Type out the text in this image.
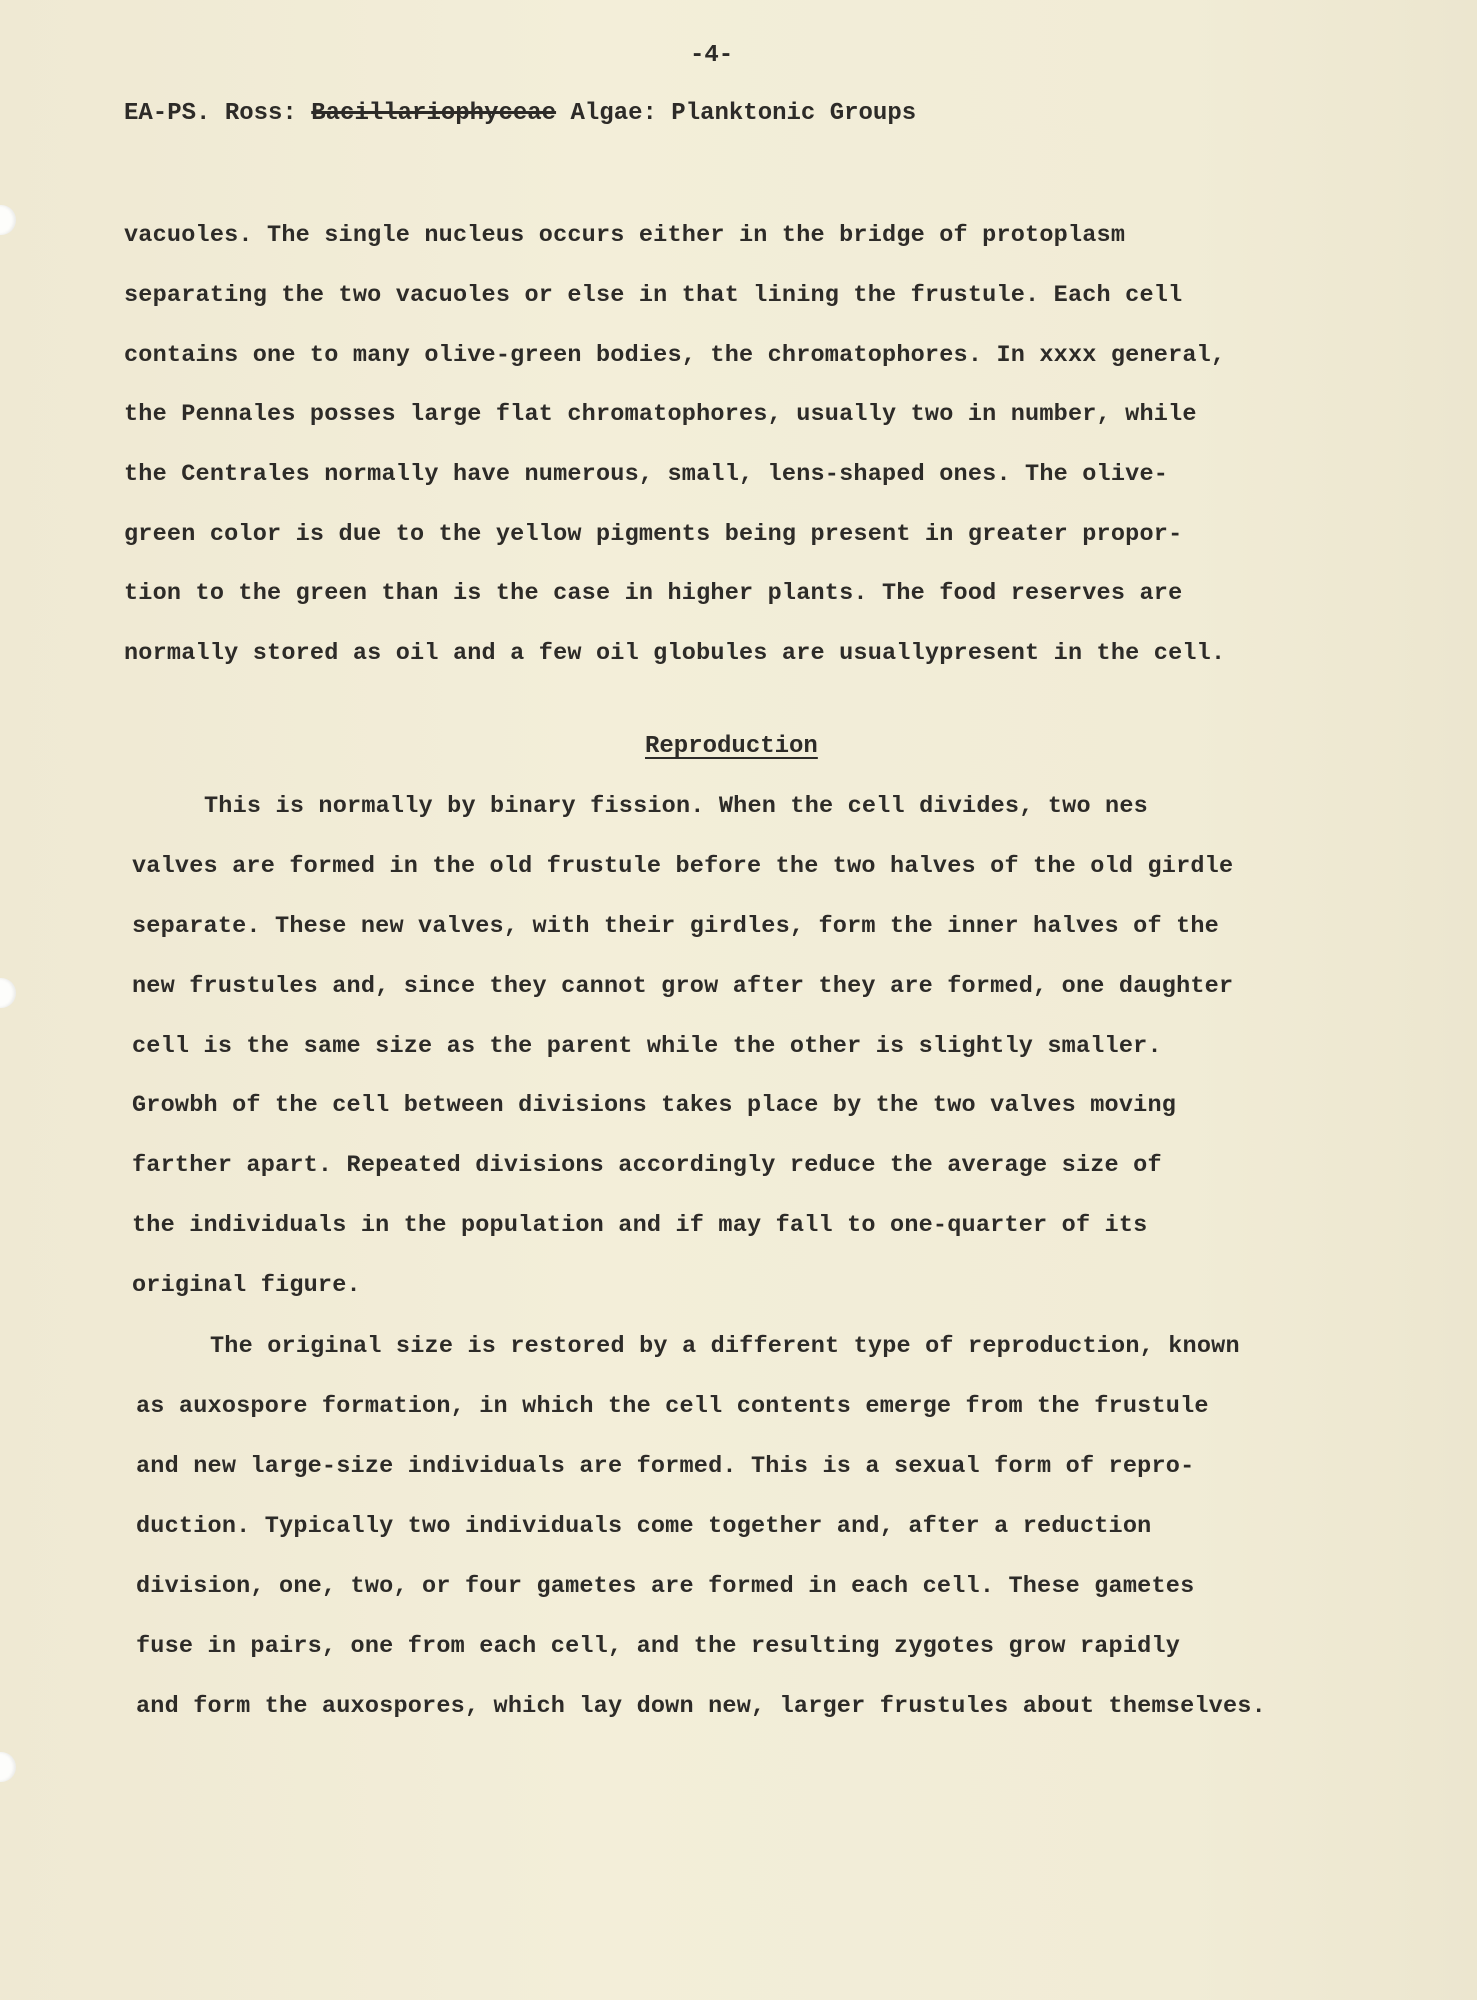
-4-
EA-PS. Ross: Bacillariophyceae Algae: Planktonic Groups
vacuoles. The single nucleus occurs either in the bridge of protoplasm
separating the two vacuoles or else in that lining the frustule. Each cell
contains one to many olive-green bodies, the chromatophores. In xxxx general,
the Pennales posses large flat chromatophores, usually two in number, while
the Centrales normally have numerous, small, lens-shaped ones. The olive-
green color is due to the yellow pigments being present in greater propor-
tion to the green than is the case in higher plants. The food reserves are
normally stored as oil and a few oil globules are usuallypresent in the cell.
Reproduction
This is normally by binary fission. When the cell divides, two nes
valves are formed in the old frustule before the two halves of the old girdle
separate. These new valves, with their girdles, form the inner halves of the
new frustules and, since they cannot grow after they are formed, one daughter
cell is the same size as the parent while the other is slightly smaller.
Growbh of the cell between divisions takes place by the two valves moving
farther apart. Repeated divisions accordingly reduce the average size of
the individuals in the population and if may fall to one-quarter of its
original figure.
The original size is restored by a different type of reproduction, known
as auxospore formation, in which the cell contents emerge from the frustule
and new large-size individuals are formed. This is a sexual form of repro-
duction. Typically two individuals come together and, after a reduction
division, one, two, or four gametes are formed in each cell. These gametes
fuse in pairs, one from each cell, and the resulting zygotes grow rapidly
and form the auxospores, which lay down new, larger frustules about themselves.
